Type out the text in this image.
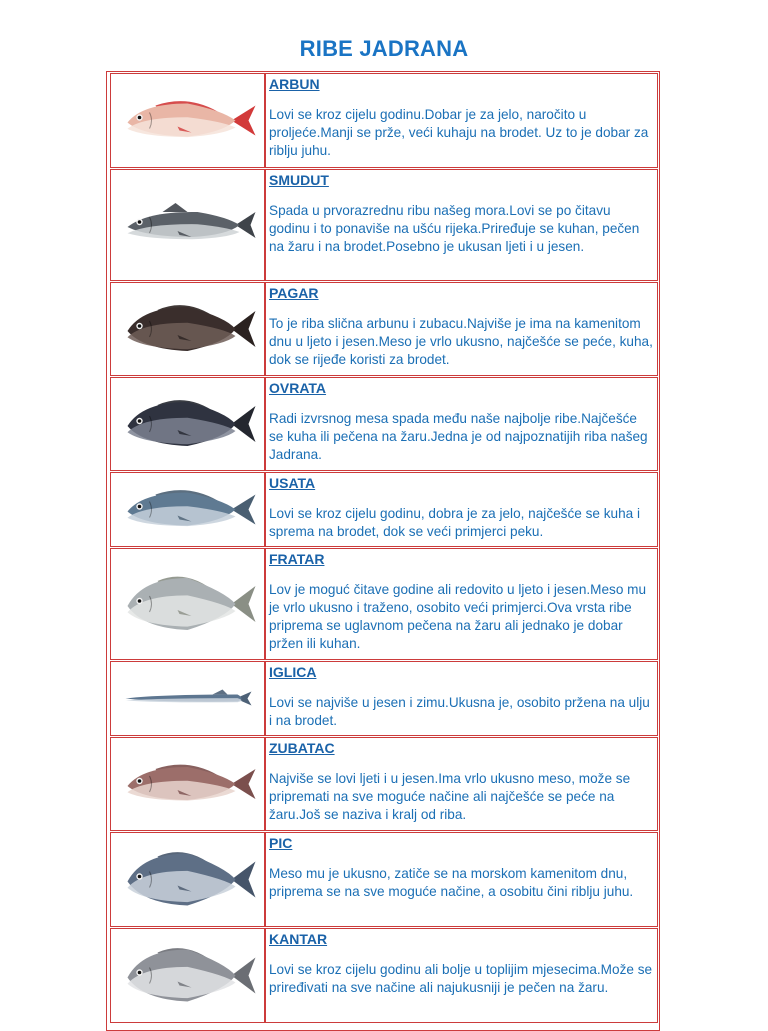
RIBE JADRANA
ARBUN

Lovi se kroz cijelu godinu.Dobar je za jelo, naročito u proljeće.Manji se prže, veći kuhaju na brodet. Uz to je dobar za riblju juhu.

SMUDUT

Spada u prvorazrednu ribu našeg mora.Lovi se po čitavu godinu i to ponaviše na ušću rijeka.Priređuje se kuhan, pečen na žaru i na brodet.Posebno je ukusan ljeti i u jesen.

PAGAR

To je riba slična arbunu i zubacu.Najviše je ima na kamenitom dnu u ljeto i jesen.Meso je vrlo ukusno, najčešće se peće, kuha, dok se rijeđe koristi za brodet.

OVRATA

Radi izvrsnog mesa spada među naše najbolje ribe.Najčešće se kuha ili pečena na žaru.Jedna je od najpoznatijih riba našeg Jadrana.

USATA

Lovi se kroz cijelu godinu, dobra je za jelo, najčešće se kuha i sprema na brodet, dok se veći primjerci peku.

FRATAR

Lov je moguć čitave godine ali redovito u ljeto i jesen.Meso mu je vrlo ukusno i traženo, osobito veći primjerci.Ova vrsta ribe priprema se uglavnom pečena na žaru ali jednako je dobar pržen ili kuhan.

IGLICA

Lovi se najviše u jesen i zimu.Ukusna je, osobito pržena na ulju i na brodet.

ZUBATAC

Najviše se lovi ljeti i u jesen.Ima vrlo ukusno meso, može se pripremati na sve moguće načine ali najčešće se peće na žaru.Još se naziva i kralj od riba.

PIC

Meso mu je ukusno, zatiče se na morskom kamenitom dnu, priprema se na sve moguće načine, a osobitu čini riblju juhu.

KANTAR

Lovi se kroz cijelu godinu ali bolje u toplijim mjesecima.Može se priređivati na sve načine ali najukusniji je pečen na žaru.
